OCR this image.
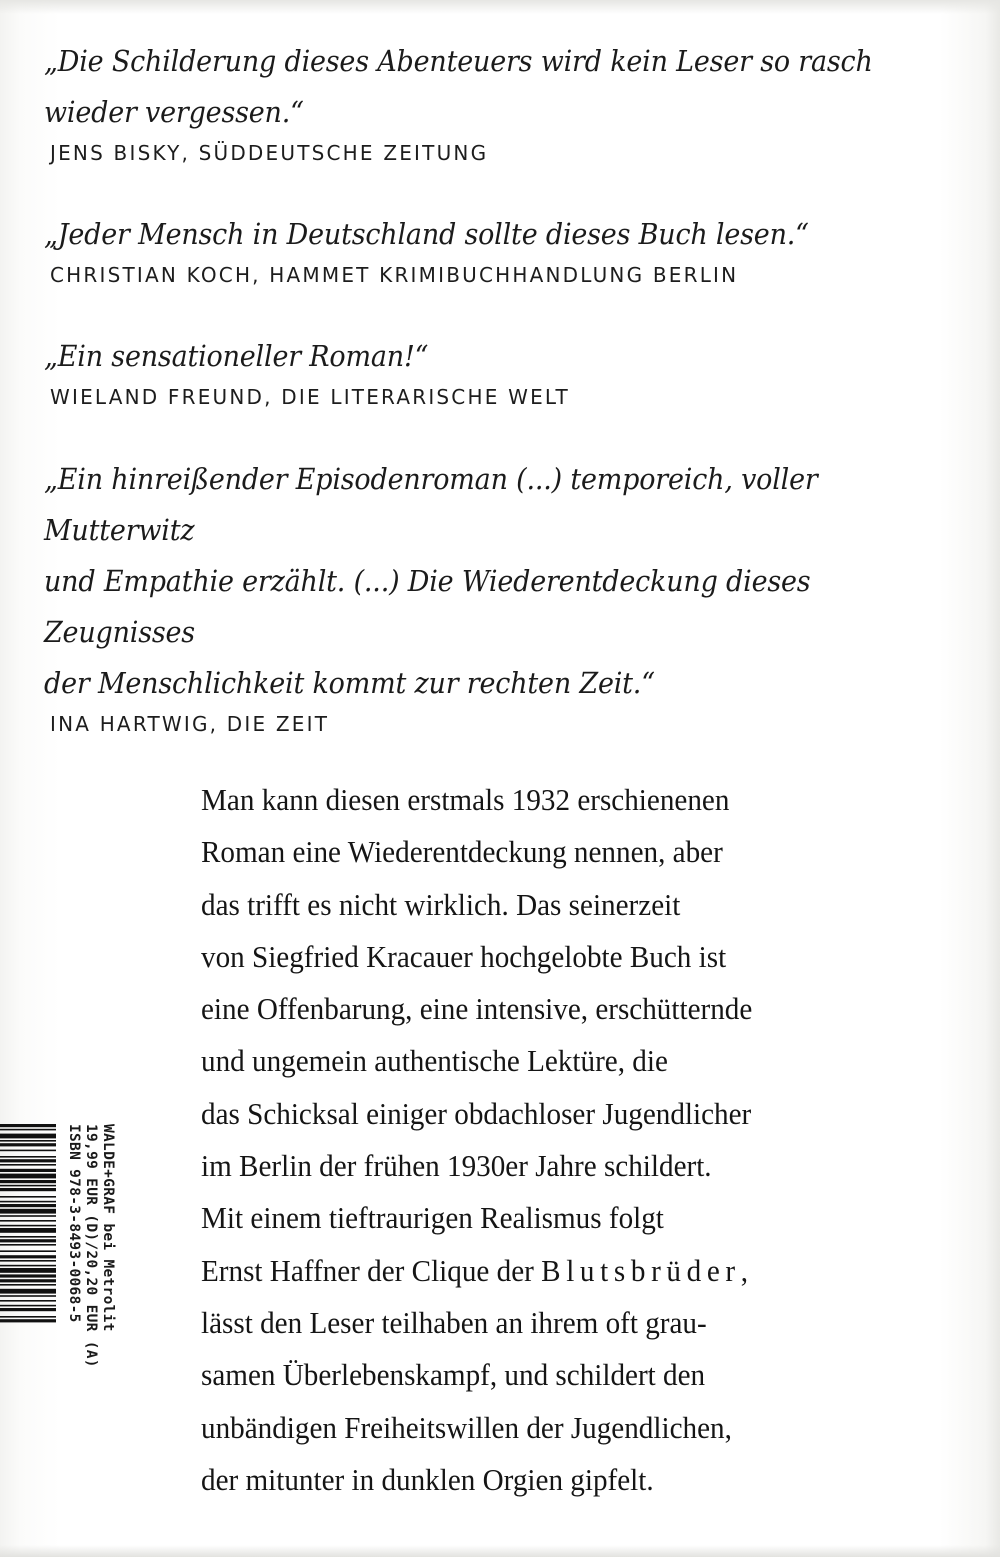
„Die Schilderung dieses Abenteuers wird kein Leser so rasch
wieder vergessen.“

JENS BISKY, SÜDDEUTSCHE ZEITUNG

„Jeder Mensch in Deutschland sollte dieses Buch lesen.“

CHRISTIAN KOCH, HAMMET KRIMIBUCHHANDLUNG BERLIN

„Ein sensationeller Roman!“

WIELAND FREUND, DIE LITERARISCHE WELT

„Ein hinreißender Episodenroman (...) temporeich, voller Mutterwitz
und Empathie erzählt. (...) Die Wiederentdeckung dieses Zeugnisses
der Menschlichkeit kommt zur rechten Zeit.“

INA HARTWIG, DIE ZEIT

Man kann diesen erstmals 1932 erschienenen
Roman eine Wiederentdeckung nennen, aber
das trifft es nicht wirklich. Das seinerzeit
von Siegfried Kracauer hochgelobte Buch ist
eine Offenbarung, eine intensive, erschütternde
und ungemein authentische Lektüre, die
das Schicksal einiger obdachloser Jugendlicher
im Berlin der frühen 1930er Jahre schildert.
Mit einem tieftraurigen Realismus folgt
Ernst Haffner der Clique der Blutsbrüder,
lässt den Leser teilhaben an ihrem oft grau-
samen Überlebenskampf, und schildert den
unbändigen Freiheitswillen der Jugendlichen,
der mitunter in dunklen Orgien gipfelt.
WALDE+GRAF bei Metrolit
19,99 EUR (D)/20,20 EUR (A)
ISBN 978-3-8493-0068-5
